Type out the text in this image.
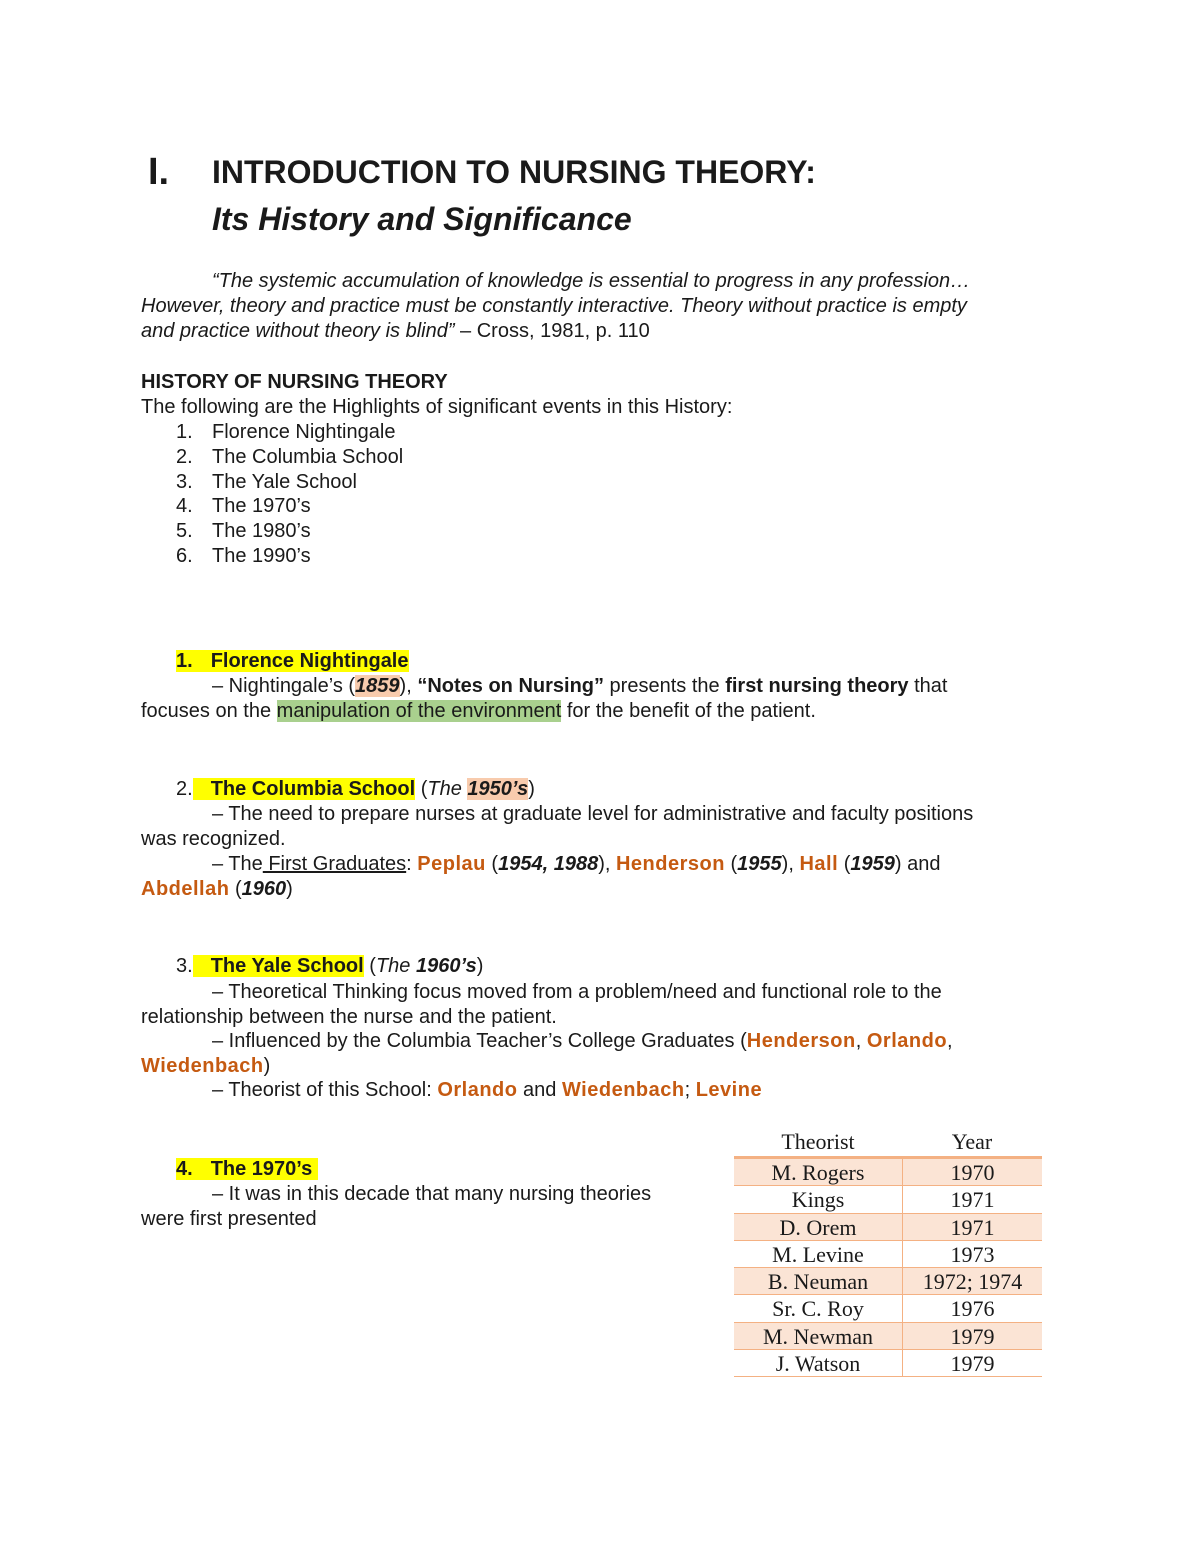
I. INTRODUCTION TO NURSING THEORY:
Its History and Significance
“The systemic accumulation of knowledge is essential to progress in any profession…
However, theory and practice must be constantly interactive. Theory without practice is empty
and practice without theory is blind” – Cross, 1981, p. 110
HISTORY OF NURSING THEORY
The following are the Highlights of significant events in this History:
1. Florence Nightingale
2. The Columbia School
3. The Yale School
4. The 1970’s
5. The 1980’s
6. The 1990’s
1. Florence Nightingale
– Nightingale’s (1859), “Notes on Nursing” presents the first nursing theory that
focuses on the manipulation of the environment for the benefit of the patient.
2. The Columbia School (The 1950’s)
– The need to prepare nurses at graduate level for administrative and faculty positions
was recognized.
– The First Graduates: Peplau (1954, 1988), Henderson (1955), Hall (1959) and
Abdellah (1960)
3. The Yale School (The 1960’s)
– Theoretical Thinking focus moved from a problem/need and functional role to the
relationship between the nurse and the patient.
– Influenced by the Columbia Teacher’s College Graduates (Henderson, Orlando,
Wiedenbach)
– Theorist of this School: Orlando and Wiedenbach; Levine
4. The 1970’s
– It was in this decade that many nursing theories
were first presented
Theorist	Year
M. Rogers	1970
Kings	1971
D. Orem	1971
M. Levine	1973
B. Neuman	1972; 1974
Sr. C. Roy	1976
M. Newman	1979
J. Watson	1979
